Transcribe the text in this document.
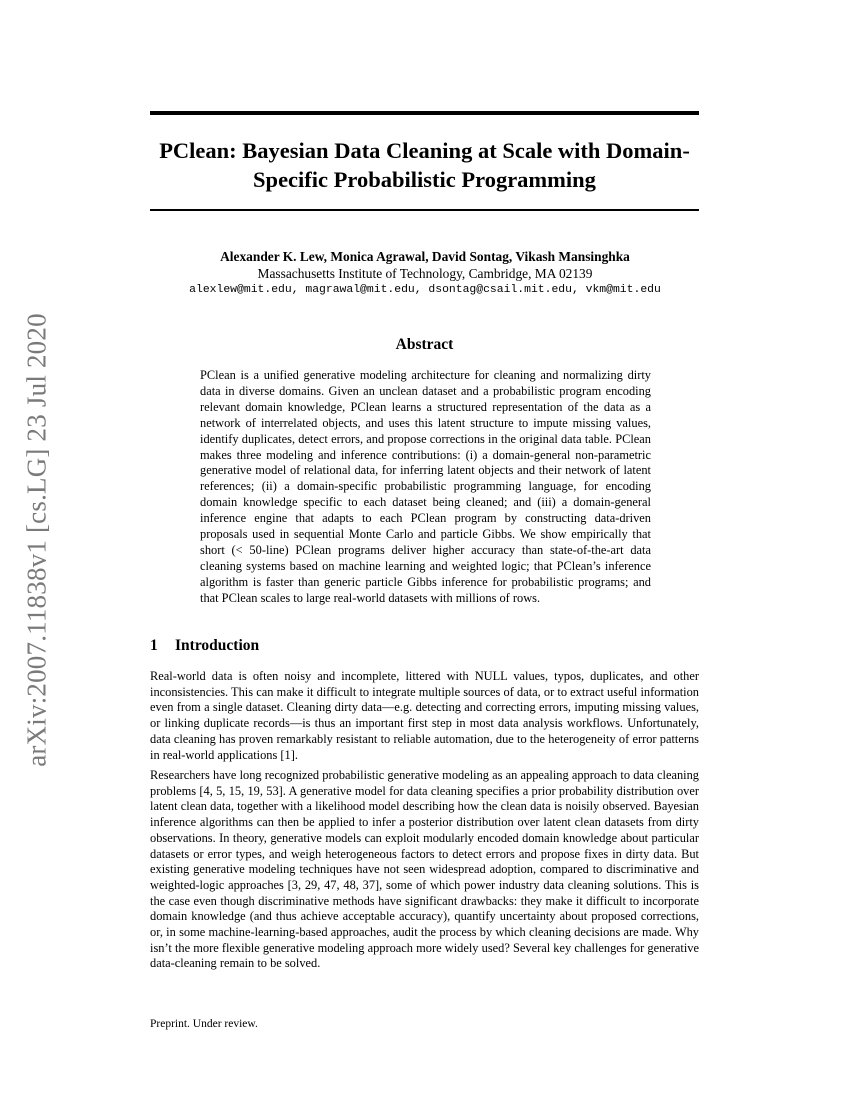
arXiv:2007.11838v1 [cs.LG] 23 Jul 2020
PClean: Bayesian Data Cleaning at Scale with Domain-Specific Probabilistic Programming
Alexander K. Lew, Monica Agrawal, David Sontag, Vikash Mansinghka
Massachusetts Institute of Technology, Cambridge, MA 02139
alexlew@mit.edu, magrawal@mit.edu, dsontag@csail.mit.edu, vkm@mit.edu
Abstract

PClean is a unified generative modeling architecture for cleaning and normalizing dirty data in diverse domains. Given an unclean dataset and a probabilistic program encoding relevant domain knowledge, PClean learns a structured representation of the data as a network of interrelated objects, and uses this latent structure to impute missing values, identify duplicates, detect errors, and propose corrections in the original data table. PClean makes three modeling and inference contributions: (i) a domain-general non-parametric generative model of relational data, for inferring latent objects and their network of latent references; (ii) a domain-specific probabilistic programming language, for encoding domain knowledge specific to each dataset being cleaned; and (iii) a domain-general inference engine that adapts to each PClean program by constructing data-driven proposals used in sequential Monte Carlo and particle Gibbs. We show empirically that short (< 50-line) PClean programs deliver higher accuracy than state-of-the-art data cleaning systems based on machine learning and weighted logic; that PClean’s inference algorithm is faster than generic particle Gibbs inference for probabilistic programs; and that PClean scales to large real-world datasets with millions of rows.

1 Introduction

Real-world data is often noisy and incomplete, littered with NULL values, typos, duplicates, and other inconsistencies. This can make it difficult to integrate multiple sources of data, or to extract useful information even from a single dataset. Cleaning dirty data—e.g. detecting and correcting errors, imputing missing values, or linking duplicate records—is thus an important first step in most data analysis workflows. Unfortunately, data cleaning has proven remarkably resistant to reliable automation, due to the heterogeneity of error patterns in real-world applications [1].

Researchers have long recognized probabilistic generative modeling as an appealing approach to data cleaning problems [4, 5, 15, 19, 53]. A generative model for data cleaning specifies a prior probability distribution over latent clean data, together with a likelihood model describing how the clean data is noisily observed. Bayesian inference algorithms can then be applied to infer a posterior distribution over latent clean datasets from dirty observations. In theory, generative models can exploit modularly encoded domain knowledge about particular datasets or error types, and weigh heterogeneous factors to detect errors and propose fixes in dirty data. But existing generative modeling techniques have not seen widespread adoption, compared to discriminative and weighted-logic approaches [3, 29, 47, 48, 37], some of which power industry data cleaning solutions. This is the case even though discriminative methods have significant drawbacks: they make it difficult to incorporate domain knowledge (and thus achieve acceptable accuracy), quantify uncertainty about proposed corrections, or, in some machine-learning-based approaches, audit the process by which cleaning decisions are made. Why isn’t the more flexible generative modeling approach more widely used? Several key challenges for generative data-cleaning remain to be solved.

Preprint. Under review.
